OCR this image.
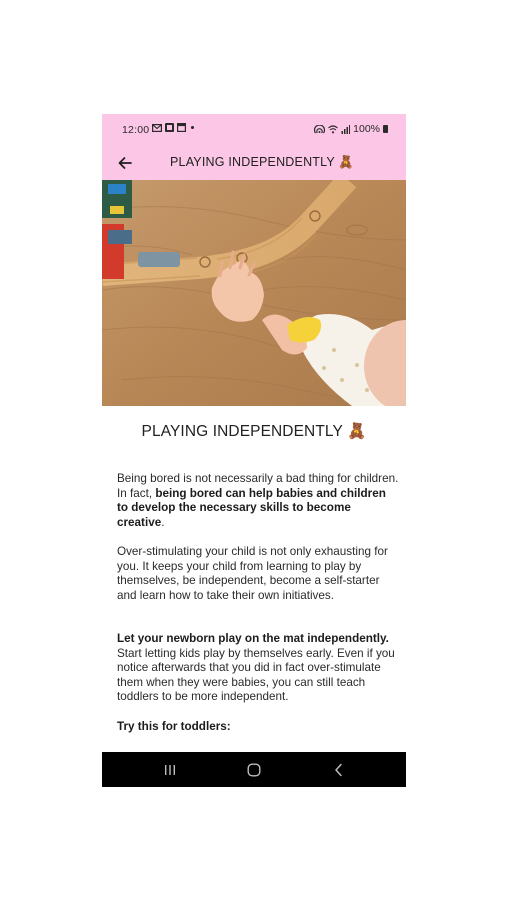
12:00	100%
PLAYING INDEPENDENTLY 🧸
PLAYING INDEPENDENTLY 🧸
Being bored is not necessarily a bad thing for children. In fact, being bored can help babies and children to develop the necessary skills to become creative.
Over-stimulating your child is not only exhausting for you. It keeps your child from learning to play by themselves, be independent, become a self-starter and learn how to take their own initiatives.
Let your newborn play on the mat independently. Start letting kids play by themselves early. Even if you notice afterwards that you did in fact over-stimulate them when they were babies, you can still teach toddlers to be more independent.
Try this for toddlers:
